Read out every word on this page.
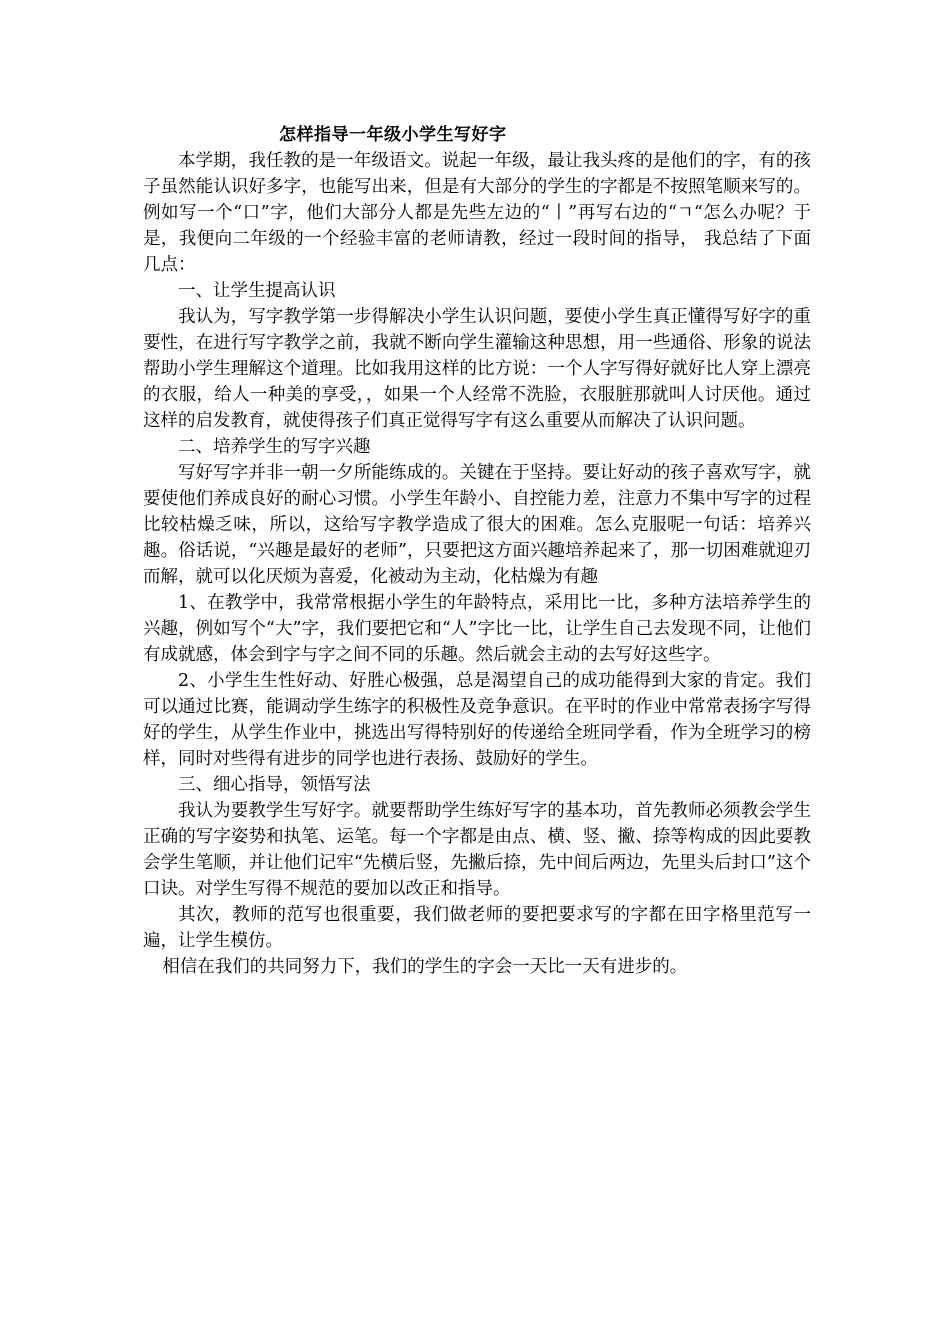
怎样指导一年级小学生写好字

本学期，我任教的是一年级语文。说起一年级，最让我头疼的是他们的字，有的孩子虽然能认识好多字，也能写出来，但是有大部分的学生的字都是不按照笔顺来写的。例如写一个“口”字，他们大部分人都是先些左边的“丨”再写右边的“ㄱ“怎么办呢？于是，我便向二年级的一个经验丰富的老师请教，经过一段时间的指导， 我总结了下面几点：

一、让学生提高认识

我认为，写字教学第一步得解决小学生认识问题，要使小学生真正懂得写好字的重要性，在进行写字教学之前，我就不断向学生灌输这种思想，用一些通俗、形象的说法帮助小学生理解这个道理。比如我用这样的比方说：一个人字写得好就好比人穿上漂亮的衣服，给人一种美的享受，，如果一个人经常不洗脸，衣服脏那就叫人讨厌他。通过这样的启发教育，就使得孩子们真正觉得写字有这么重要从而解决了认识问题。

二、培养学生的写字兴趣

写好写字并非一朝一夕所能练成的。关键在于坚持。要让好动的孩子喜欢写字，就要使他们养成良好的耐心习惯。小学生年龄小、自控能力差，注意力不集中写字的过程比较枯燥乏味，所以，这给写字教学造成了很大的困难。怎么克服呢一句话：培养兴趣。俗话说，“兴趣是最好的老师”，只要把这方面兴趣培养起来了，那一切困难就迎刃而解，就可以化厌烦为喜爱，化被动为主动，化枯燥为有趣

1、在教学中，我常常根据小学生的年龄特点，采用比一比，多种方法培养学生的兴趣，例如写个“大”字，我们要把它和“人”字比一比，让学生自己去发现不同，让他们有成就感，体会到字与字之间不同的乐趣。然后就会主动的去写好这些字。

2、小学生生性好动、好胜心极强，总是渴望自己的成功能得到大家的肯定。我们可以通过比赛，能调动学生练字的积极性及竞争意识。在平时的作业中常常表扬字写得好的学生，从学生作业中，挑选出写得特别好的传递给全班同学看，作为全班学习的榜样，同时对些得有进步的同学也进行表扬、鼓励好的学生。

三、细心指导，领悟写法

我认为要教学生写好字。就要帮助学生练好写字的基本功，首先教师必须教会学生正确的写字姿势和执笔、运笔。每一个字都是由点、横、竖、撇、捺等构成的因此要教会学生笔顺，并让他们记牢“先横后竖，先撇后捺，先中间后两边，先里头后封口”这个口诀。对学生写得不规范的要加以改正和指导。

其次，教师的范写也很重要，我们做老师的要把要求写的字都在田字格里范写一遍，让学生模仿。

相信在我们的共同努力下，我们的学生的字会一天比一天有进步的。
